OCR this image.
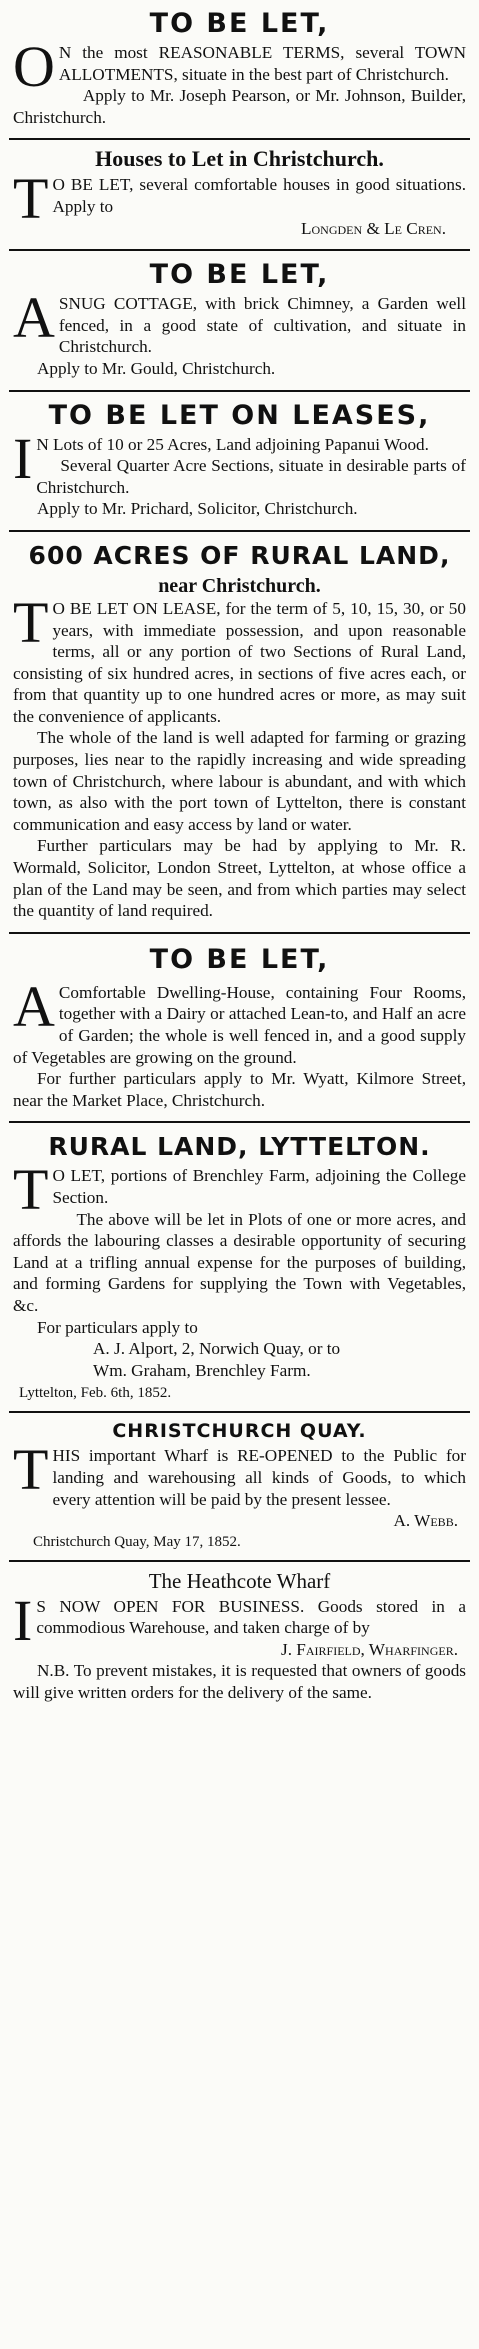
TO BE LET,

O N the most REASONABLE TERMS, several TOWN ALLOTMENTS, situate in the best part of Christchurch.

Apply to Mr. Joseph Pearson, or Mr. Johnson, Builder, Christchurch.

Houses to Let in Christchurch.

T O BE LET, several comfortable houses in good situations. Apply to

Longden & Le Cren.

TO BE LET,

ASNUG COTTAGE, with brick Chimney, a Garden well fenced, in a good state of cultivation, and situate in Christchurch.

Apply to Mr. Gould, Christchurch.

TO BE LET ON LEASES,

I N Lots of 10 or 25 Acres, Land adjoining Papanui Wood.

Several Quarter Acre Sections, situate in desirable parts of Christchurch.

Apply to Mr. Prichard, Solicitor, Christchurch.

600 ACRES OF RURAL LAND,
near Christchurch.

T O BE LET ON LEASE, for the term of 5, 10, 15, 30, or 50 years, with immediate possession, and upon reasonable terms, all or any portion of two Sections of Rural Land, consisting of six hundred acres, in sections of five acres each, or from that quantity up to one hundred acres or more, as may suit the convenience of applicants.

The whole of the land is well adapted for farming or grazing purposes, lies near to the rapidly increasing and wide spreading town of Christchurch, where labour is abundant, and with which town, as also with the port town of Lyttelton, there is constant communication and easy access by land or water.

Further particulars may be had by applying to Mr. R. Wormald, Solicitor, London Street, Lyttelton, at whose office a plan of the Land may be seen, and from which parties may select the quantity of land required.

TO BE LET,

A Comfortable Dwelling-House, containing Four Rooms, together with a Dairy or attached Lean-to, and Half an acre of Garden; the whole is well fenced in, and a good supply of Vegetables are growing on the ground.

For further particulars apply to Mr. Wyatt, Kilmore Street, near the Market Place, Christchurch.

RURAL LAND, LYTTELTON.

T O LET, portions of Brenchley Farm, adjoining the College Section.

The above will be let in Plots of one or more acres, and affords the labouring classes a desirable opportunity of securing Land at a trifling annual expense for the purposes of building, and forming Gardens for supplying the Town with Vegetables, &c.

For particulars apply to

A. J. Alport, 2, Norwich Quay, or to

Wm. Graham, Brenchley Farm.

Lyttelton, Feb. 6th, 1852.

CHRISTCHURCH QUAY.

THIS important Wharf is RE-OPENED to the Public for landing and warehousing all kinds of Goods, to which every attention will be paid by the present lessee.

A. Webb.

Christchurch Quay, May 17, 1852.

The Heathcote Wharf

I S NOW OPEN FOR BUSINESS. Goods stored in a commodious Warehouse, and taken charge of by

J. Fairfield, Wharfinger.

N.B. To prevent mistakes, it is requested that owners of goods will give written orders for the delivery of the same.
